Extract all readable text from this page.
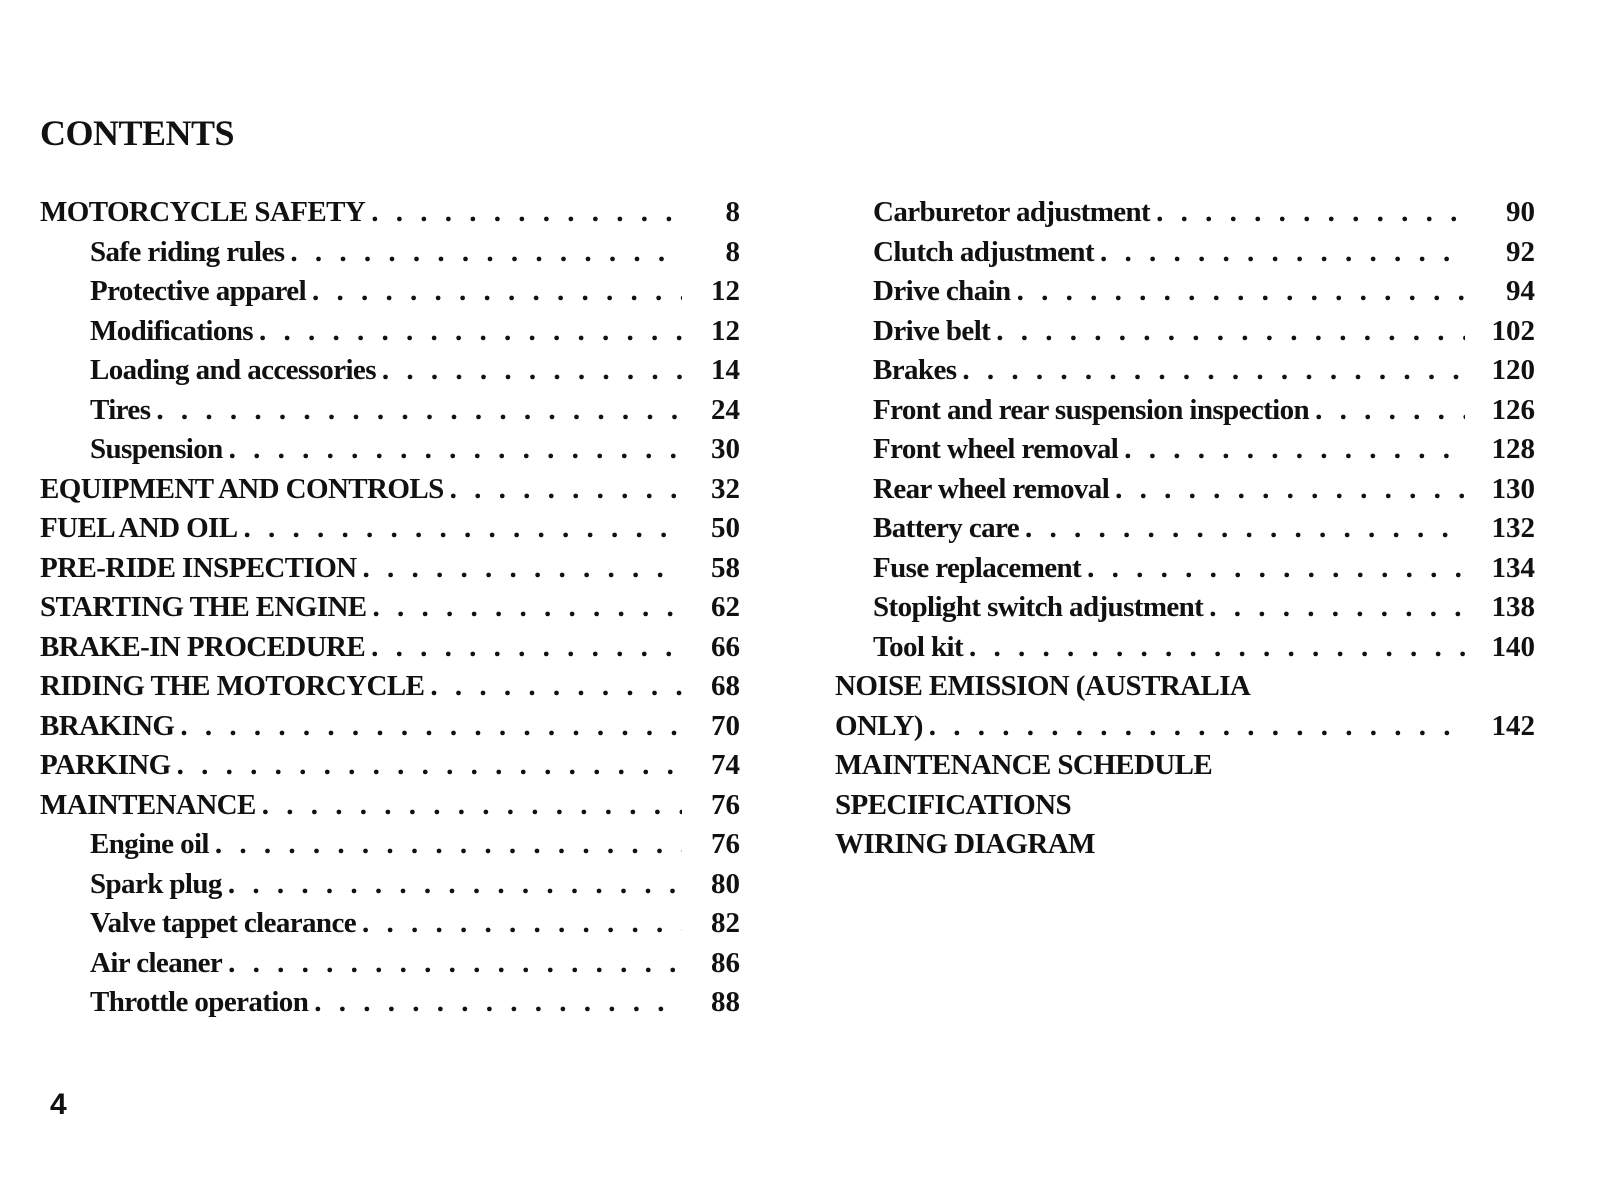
CONTENTS
MOTORCYCLE SAFETY . . .	8
Safe riding rules . . .	8
Protective apparel . . .	12
Modifications . . .	12
Loading and accessories . . .	14
Tires . . .	24
Suspension . . .	30
EQUIPMENT AND CONTROLS . . .	32
FUEL AND OIL . . .	50
PRE-RIDE INSPECTION . . .	58
STARTING THE ENGINE . . .	62
BRAKE-IN PROCEDURE . . .	66
RIDING THE MOTORCYCLE . . .	68
BRAKING . . .	70
PARKING . . .	74
MAINTENANCE . . .	76
Engine oil . . .	76
Spark plug . . .	80
Valve tappet clearance . . .	82
Air cleaner . . .	86
Throttle operation . . .	88
Carburetor adjustment . . .	90
Clutch adjustment . . .	92
Drive chain . . .	94
Drive belt . . .	102
Brakes . . .	120
Front and rear suspension inspection . . .	126
Front wheel removal . . .	128
Rear wheel removal . . .	130
Battery care . . .	132
Fuse replacement . . .	134
Stoplight switch adjustment . . .	138
Tool kit . . .	140
NOISE EMISSION (AUSTRALIA
ONLY) . . .	142
MAINTENANCE SCHEDULE
SPECIFICATIONS
WIRING DIAGRAM
4
